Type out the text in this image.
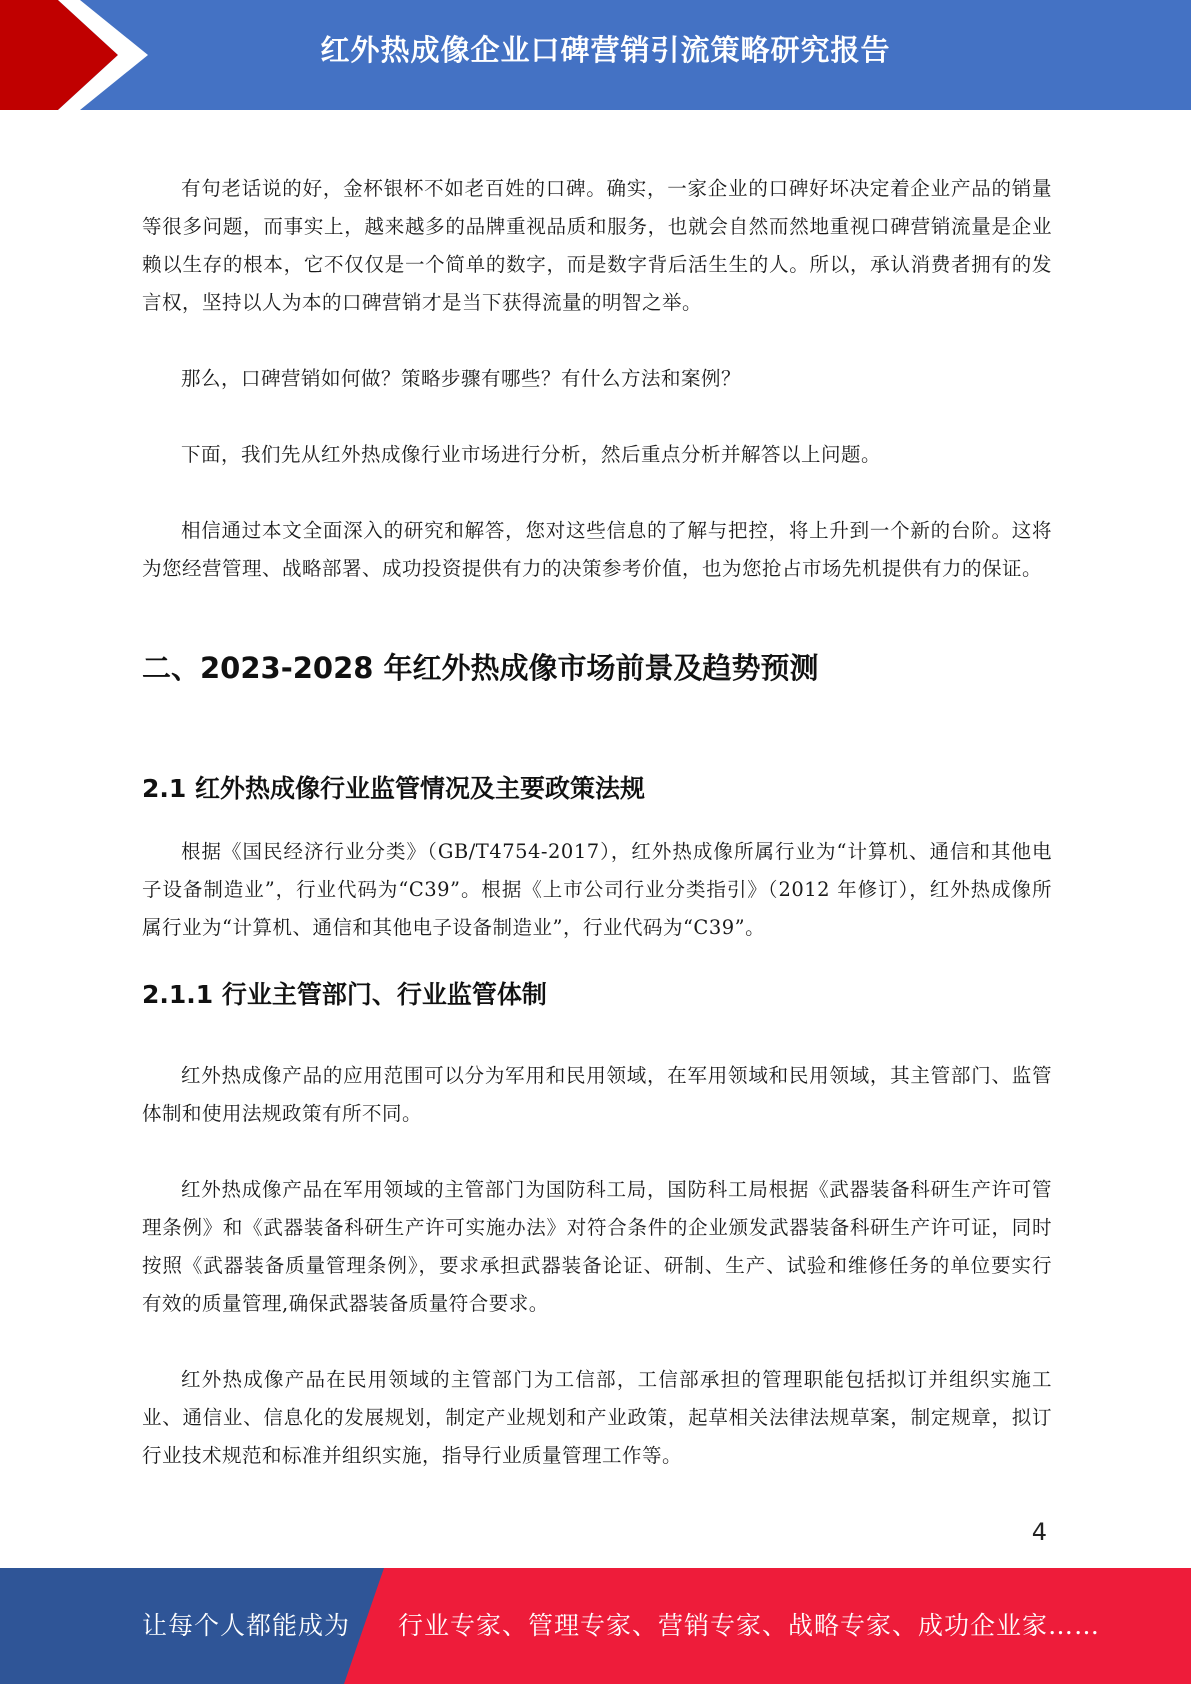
红外热成像企业口碑营销引流策略研究报告

有句老话说的好，金杯银杯不如老百姓的口碑。确实，一家企业的口碑好坏决定着企业产品的销量等很多问题，而事实上，越来越多的品牌重视品质和服务，也就会自然而然地重视口碑营销流量是企业赖以生存的根本，它不仅仅是一个简单的数字，而是数字背后活生生的人。所以，承认消费者拥有的发言权，坚持以人为本的口碑营销才是当下获得流量的明智之举。

那么，口碑营销如何做？策略步骤有哪些？有什么方法和案例？

下面，我们先从红外热成像行业市场进行分析，然后重点分析并解答以上问题。

相信通过本文全面深入的研究和解答，您对这些信息的了解与把控，将上升到一个新的台阶。这将为您经营管理、战略部署、成功投资提供有力的决策参考价值，也为您抢占市场先机提供有力的保证。

二、2023-2028 年红外热成像市场前景及趋势预测
2.1 红外热成像行业监管情况及主要政策法规

根据《国民经济行业分类》（GB/T4754-2017），红外热成像所属行业为“计算机、通信和其他电子设备制造业”，行业代码为“C39”。根据《上市公司行业分类指引》（2012 年修订），红外热成像所属行业为“计算机、通信和其他电子设备制造业”，行业代码为“C39”。

2.1.1 行业主管部门、行业监管体制

红外热成像产品的应用范围可以分为军用和民用领域，在军用领域和民用领域，其主管部门、监管体制和使用法规政策有所不同。

红外热成像产品在军用领域的主管部门为国防科工局，国防科工局根据《武器装备科研生产许可管理条例》和《武器装备科研生产许可实施办法》对符合条件的企业颁发武器装备科研生产许可证，同时按照《武器装备质量管理条例》，要求承担武器装备论证、研制、生产、试验和维修任务的单位要实行有效的质量管理,确保武器装备质量符合要求。

红外热成像产品在民用领域的主管部门为工信部，工信部承担的管理职能包括拟订并组织实施工业、通信业、信息化的发展规划，制定产业规划和产业政策，起草相关法律法规草案，制定规章，拟订行业技术规范和标准并组织实施，指导行业质量管理工作等。

4
让每个人都能成为 行业专家、管理专家、营销专家、战略专家、成功企业家……
